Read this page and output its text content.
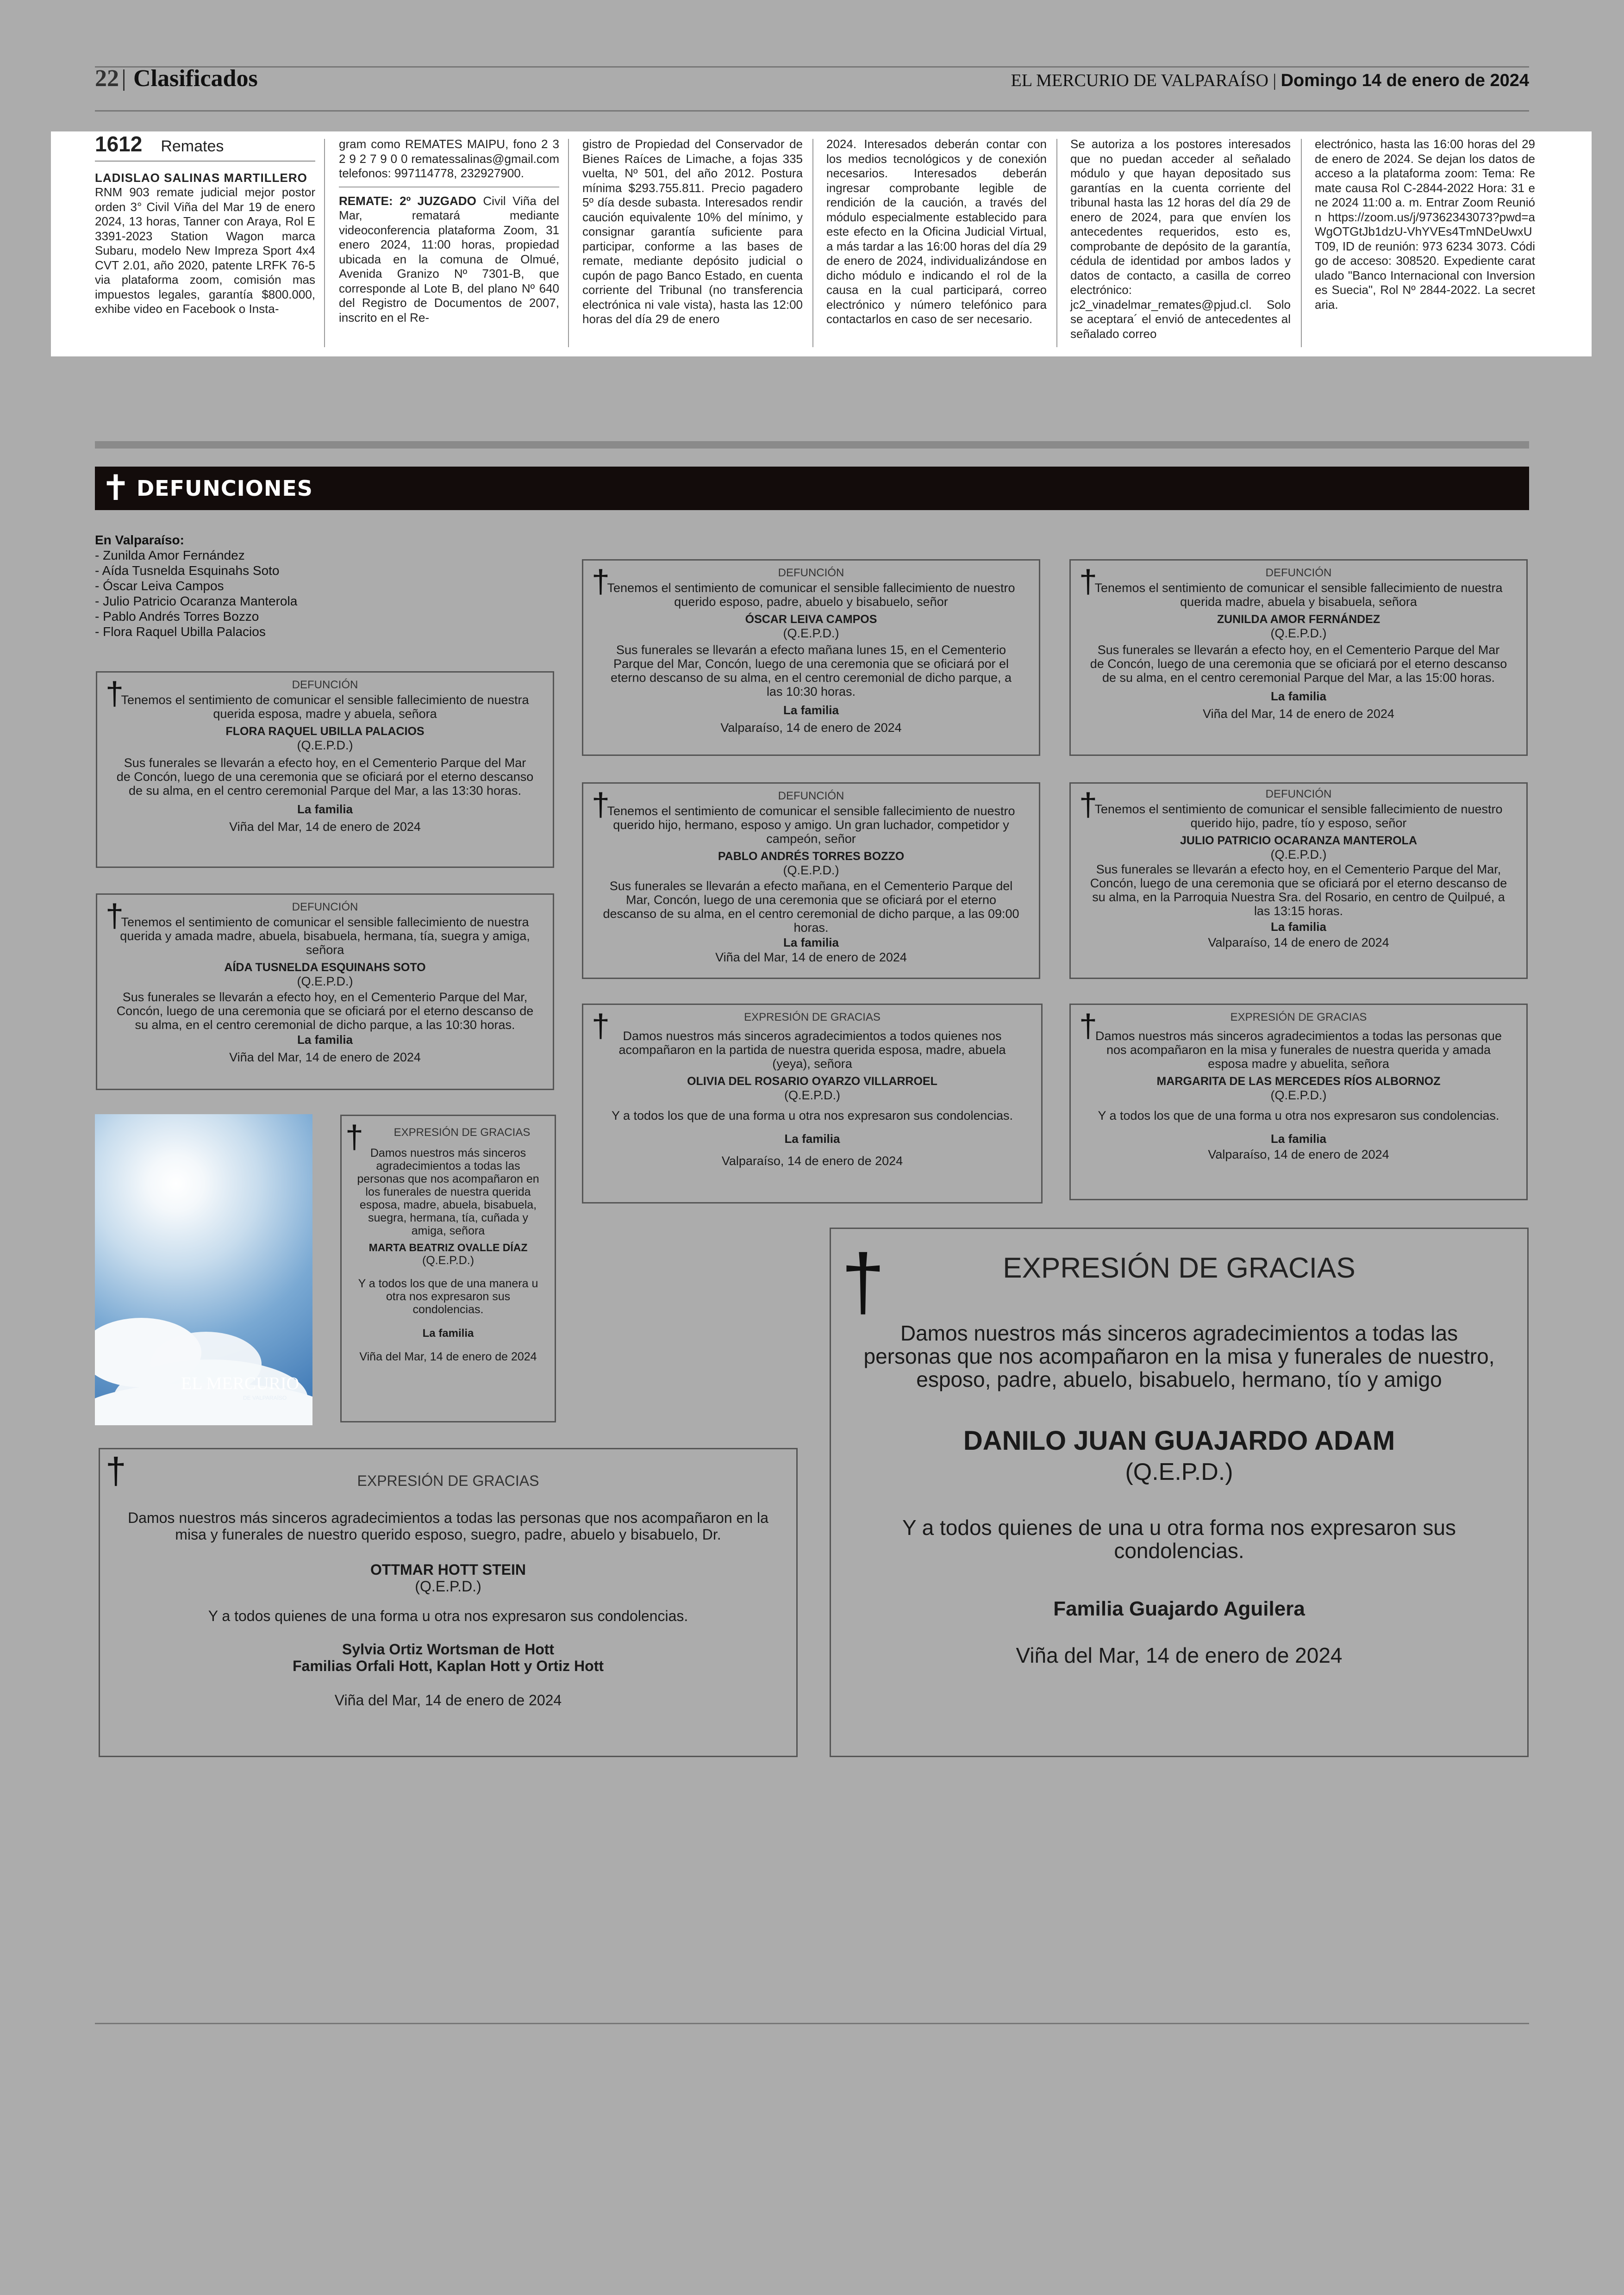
22 Clasificados	EL MERCURIO DE VALPARAÍSO | Domingo 14 de enero de 2024
1612 Remates

LADISLAO SALINAS MARTILLERO

RNM 903 remate judicial mejor postor orden 3° Civil Viña del Mar 19 de enero 2024, 13 horas, Tanner con Araya, Rol E 3391-2023 Station Wagon marca Subaru, modelo New Impreza Sport 4x4 CVT 2.01, año 2020, patente LRFK 76-5 via plataforma zoom, comisión mas impuestos legales, garantía $800.000, exhibe video en Facebook o Insta-

gram como REMATES MAIPU, fono 2 3 2 9 2 7 9 0 0 rematessalinas@gmail.com telefonos: 997114778, 232927900.

REMATE: 2º JUZGADO Civil Viña del Mar, rematará mediante videoconferencia plataforma Zoom, 31 enero 2024, 11:00 horas, propiedad ubicada en la comuna de Olmué, Avenida Granizo Nº 7301-B, que corresponde al Lote B, del plano Nº 640 del Registro de Documentos de 2007, inscrito en el Re-

gistro de Propiedad del Conservador de Bienes Raíces de Limache, a fojas 335 vuelta, Nº 501, del año 2012. Postura mínima $293.755.811. Precio pagadero 5º día desde subasta. Interesados rendir caución equivalente 10% del mínimo, y consignar garantía suficiente para participar, conforme a las bases de remate, mediante depósito judicial o cupón de pago Banco Estado, en cuenta corriente del Tribunal (no transferencia electrónica ni vale vista), hasta las 12:00 horas del día 29 de enero

2024. Interesados deberán contar con los medios tecnológicos y de conexión necesarios. Interesados deberán ingresar comprobante legible de rendición de la caución, a través del módulo especialmente establecido para este efecto en la Oficina Judicial Virtual, a más tardar a las 16:00 horas del día 29 de enero de 2024, individualizándose en dicho módulo e indicando el rol de la causa en la cual participará, correo electrónico y número telefónico para contactarlos en caso de ser necesario.

Se autoriza a los postores interesados que no puedan acceder al señalado módulo y que hayan depositado sus garantías en la cuenta corriente del tribunal hasta las 12 horas del día 29 de enero de 2024, para que envíen los antecedentes requeridos, esto es, comprobante de depósito de la garantía, cédula de identidad por ambos lados y datos de contacto, a casilla de correo electrónico: jc2_vinadelmar_remates@pjud.cl. Solo se aceptara´ el envió de antecedentes al señalado correo

electrónico, hasta las 16:00 horas del 29 de enero de 2024. Se dejan los datos de acceso a la plataforma zoom: Tema: Remate causa Rol C-2844-2022 Hora: 31 ene 2024 11:00 a. m. Entrar Zoom Reunión https://zoom.us/j/97362343073?pwd=aWgOTGtJb1dzU-VhYVEs4TmNDeUwxUT09, ID de reunión: 973 6234 3073. Código de acceso: 308520. Expediente caratulado "Banco Internacional con Inversiones Suecia", Rol Nº 2844-2022. La secretaria.

✝ DEFUNCIONES
En Valparaíso:
- Zunilda Amor Fernández
- Aída Tusnelda Esquinahs Soto
- Óscar Leiva Campos
- Julio Patricio Ocaranza Manterola
- Pablo Andrés Torres Bozzo
- Flora Raquel Ubilla Palacios
†	DEFUNCIÓN

Tenemos el sentimiento de comunicar el sensible fallecimiento de nuestra querida esposa, madre y abuela, señora

FLORA RAQUEL UBILLA PALACIOS
(Q.E.P.D.)

Sus funerales se llevarán a efecto hoy, en el Cementerio Parque del Mar de Concón, luego de una ceremonia que se oficiará por el eterno descanso de su alma, en el centro ceremonial Parque del Mar, a las 13:30 horas.

La familia
Viña del Mar, 14 de enero de 2024
†	DEFUNCIÓN

Tenemos el sentimiento de comunicar el sensible fallecimiento de nuestra querida y amada madre, abuela, bisabuela, hermana, tía, suegra y amiga, señora

AÍDA TUSNELDA ESQUINAHS SOTO
(Q.E.P.D.)

Sus funerales se llevarán a efecto hoy, en el Cementerio Parque del Mar, Concón, luego de una ceremonia que se oficiará por el eterno descanso de su alma, en el centro ceremonial de dicho parque, a las 10:30 horas.

La familia
Viña del Mar, 14 de enero de 2024
†	DEFUNCIÓN

Tenemos el sentimiento de comunicar el sensible fallecimiento de nuestro querido esposo, padre, abuelo y bisabuelo, señor

ÓSCAR LEIVA CAMPOS
(Q.E.P.D.)

Sus funerales se llevarán a efecto mañana lunes 15, en el Cementerio Parque del Mar, Concón, luego de una ceremonia que se oficiará por el eterno descanso de su alma, en el centro ceremonial de dicho parque, a las 10:30 horas.

La familia
Valparaíso, 14 de enero de 2024
†	DEFUNCIÓN

Tenemos el sentimiento de comunicar el sensible fallecimiento de nuestra querida madre, abuela y bisabuela, señora

ZUNILDA AMOR FERNÁNDEZ
(Q.E.P.D.)

Sus funerales se llevarán a efecto hoy, en el Cementerio Parque del Mar de Concón, luego de una ceremonia que se oficiará por el eterno descanso de su alma, en el centro ceremonial Parque del Mar, a las 15:00 horas.

La familia
Viña del Mar, 14 de enero de 2024
†	DEFUNCIÓN

Tenemos el sentimiento de comunicar el sensible fallecimiento de nuestro querido hijo, hermano, esposo y amigo. Un gran luchador, competidor y campeón, señor

PABLO ANDRÉS TORRES BOZZO
(Q.E.P.D.)

Sus funerales se llevarán a efecto mañana, en el Cementerio Parque del Mar, Concón, luego de una ceremonia que se oficiará por el eterno descanso de su alma, en el centro ceremonial de dicho parque, a las 09:00 horas.

La familia
Viña del Mar, 14 de enero de 2024
†	DEFUNCIÓN

Tenemos el sentimiento de comunicar el sensible fallecimiento de nuestro querido hijo, padre, tío y esposo, señor

JULIO PATRICIO OCARANZA MANTEROLA
(Q.E.P.D.)

Sus funerales se llevarán a efecto hoy, en el Cementerio Parque del Mar, Concón, luego de una ceremonia que se oficiará por el eterno descanso de su alma, en la Parroquia Nuestra Sra. del Rosario, en centro de Quilpué, a las 13:15 horas.

La familia
Valparaíso, 14 de enero de 2024
†	EXPRESIÓN DE GRACIAS

Damos nuestros más sinceros agradecimientos a todos quienes nos acompañaron en la partida de nuestra querida esposa, madre, abuela (yeya), señora

OLIVIA DEL ROSARIO OYARZO VILLARROEL
(Q.E.P.D.)

Y a todos los que de una forma u otra nos expresaron sus condolencias.

La familia
Valparaíso, 14 de enero de 2024
†	EXPRESIÓN DE GRACIAS

Damos nuestros más sinceros agradecimientos a todas las personas que nos acompañaron en la misa y funerales de nuestra querida y amada esposa madre y abuelita, señora

MARGARITA DE LAS MERCEDES RÍOS ALBORNOZ
(Q.E.P.D.)

Y a todos los que de una forma u otra nos expresaron sus condolencias.

La familia
Valparaíso, 14 de enero de 2024
EL MERCURIO
DE VALPARAÍSO
†	EXPRESIÓN DE GRACIAS

Damos nuestros más sinceros agradecimientos a todas las personas que nos acompañaron en los funerales de nuestra querida esposa, madre, abuela, bisabuela, suegra, hermana, tía, cuñada y amiga, señora

MARTA BEATRIZ OVALLE DÍAZ
(Q.E.P.D.)

Y a todos los que de una manera u otra nos expresaron sus condolencias.

La familia
Viña del Mar, 14 de enero de 2024
†	EXPRESIÓN DE GRACIAS

Damos nuestros más sinceros agradecimientos a todas las personas que nos acompañaron en la misa y funerales de nuestro querido esposo, suegro, padre, abuelo y bisabuelo, Dr.

OTTMAR HOTT STEIN
(Q.E.P.D.)

Y a todos quienes de una forma u otra nos expresaron sus condolencias.

Sylvia Ortiz Wortsman de Hott
Familias Orfali Hott, Kaplan Hott y Ortiz Hott
Viña del Mar, 14 de enero de 2024
†	EXPRESIÓN DE GRACIAS

Damos nuestros más sinceros agradecimientos a todas las personas que nos acompañaron en la misa y funerales de nuestro, esposo, padre, abuelo, bisabuelo, hermano, tío y amigo

DANILO JUAN GUAJARDO ADAM
(Q.E.P.D.)

Y a todos quienes de una u otra forma nos expresaron sus condolencias.

Familia Guajardo Aguilera
Viña del Mar, 14 de enero de 2024
